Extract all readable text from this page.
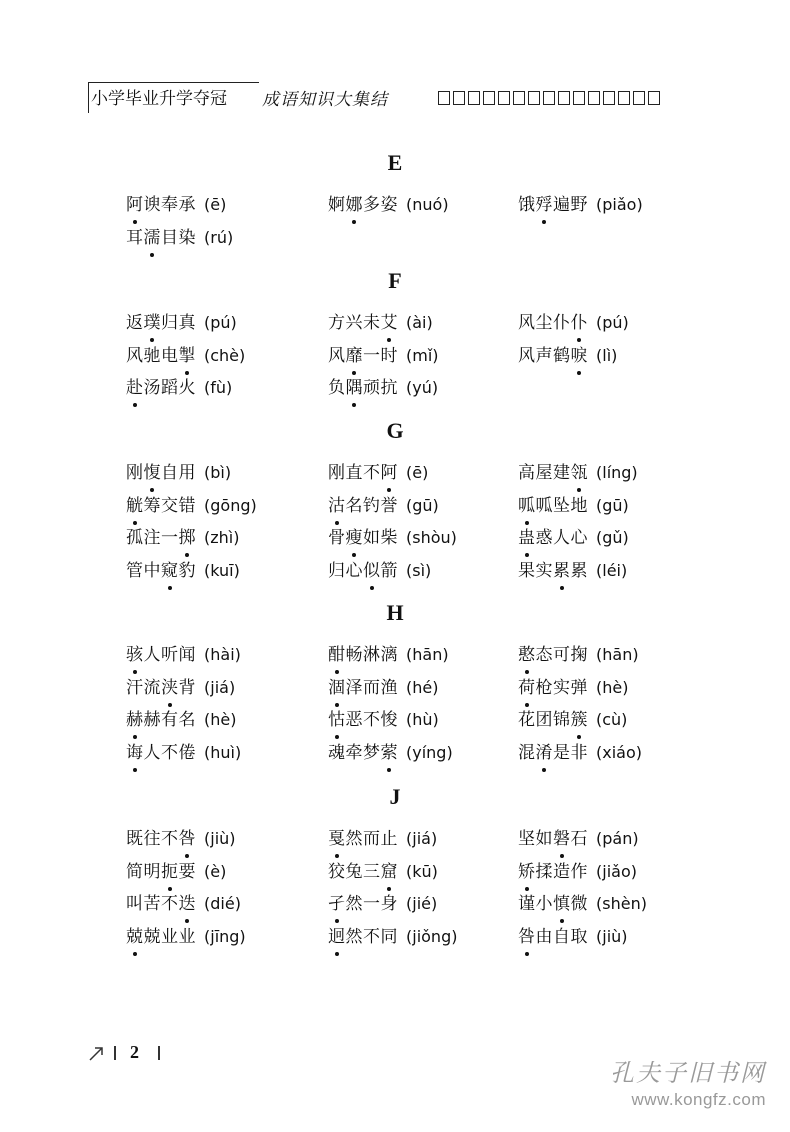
小学毕业升学夺冠	成语知识大集结
E
阿谀奉承 (ē)	婀娜多姿 (nuó)	饿殍遍野 (piǎo)
耳濡目染 (rú)
F
返璞归真 (pú)	方兴未艾 (ài)	风尘仆仆 (pú)
风驰电掣 (chè)	风靡一时 (mǐ)	风声鹤唳 (lì)
赴汤蹈火 (fù)	负隅顽抗 (yú)
G
刚愎自用 (bì)	刚直不阿 (ē)	高屋建瓴 (líng)
觥筹交错 (gōng)	沽名钓誉 (gū)	呱呱坠地 (gū)
孤注一掷 (zhì)	骨瘦如柴 (shòu)	蛊惑人心 (gǔ)
管中窥豹 (kuī)	归心似箭 (sì)	果实累累 (léi)
H
骇人听闻 (hài)	酣畅淋漓 (hān)	憨态可掬 (hān)
汗流浃背 (jiá)	涸泽而渔 (hé)	荷枪实弹 (hè)
赫赫有名 (hè)	怙恶不悛 (hù)	花团锦簇 (cù)
诲人不倦 (huì)	魂牵梦萦 (yíng)	混淆是非 (xiáo)
J
既往不咎 (jiù)	戛然而止 (jiá)	坚如磐石 (pán)
简明扼要 (è)	狡兔三窟 (kū)	矫揉造作 (jiǎo)
叫苦不迭 (dié)	孑然一身 (jié)	谨小慎微 (shèn)
兢兢业业 (jīng)	迥然不同 (jiǒng)	咎由自取 (jiù)
2
孔夫子旧书网
www.kongfz.com
